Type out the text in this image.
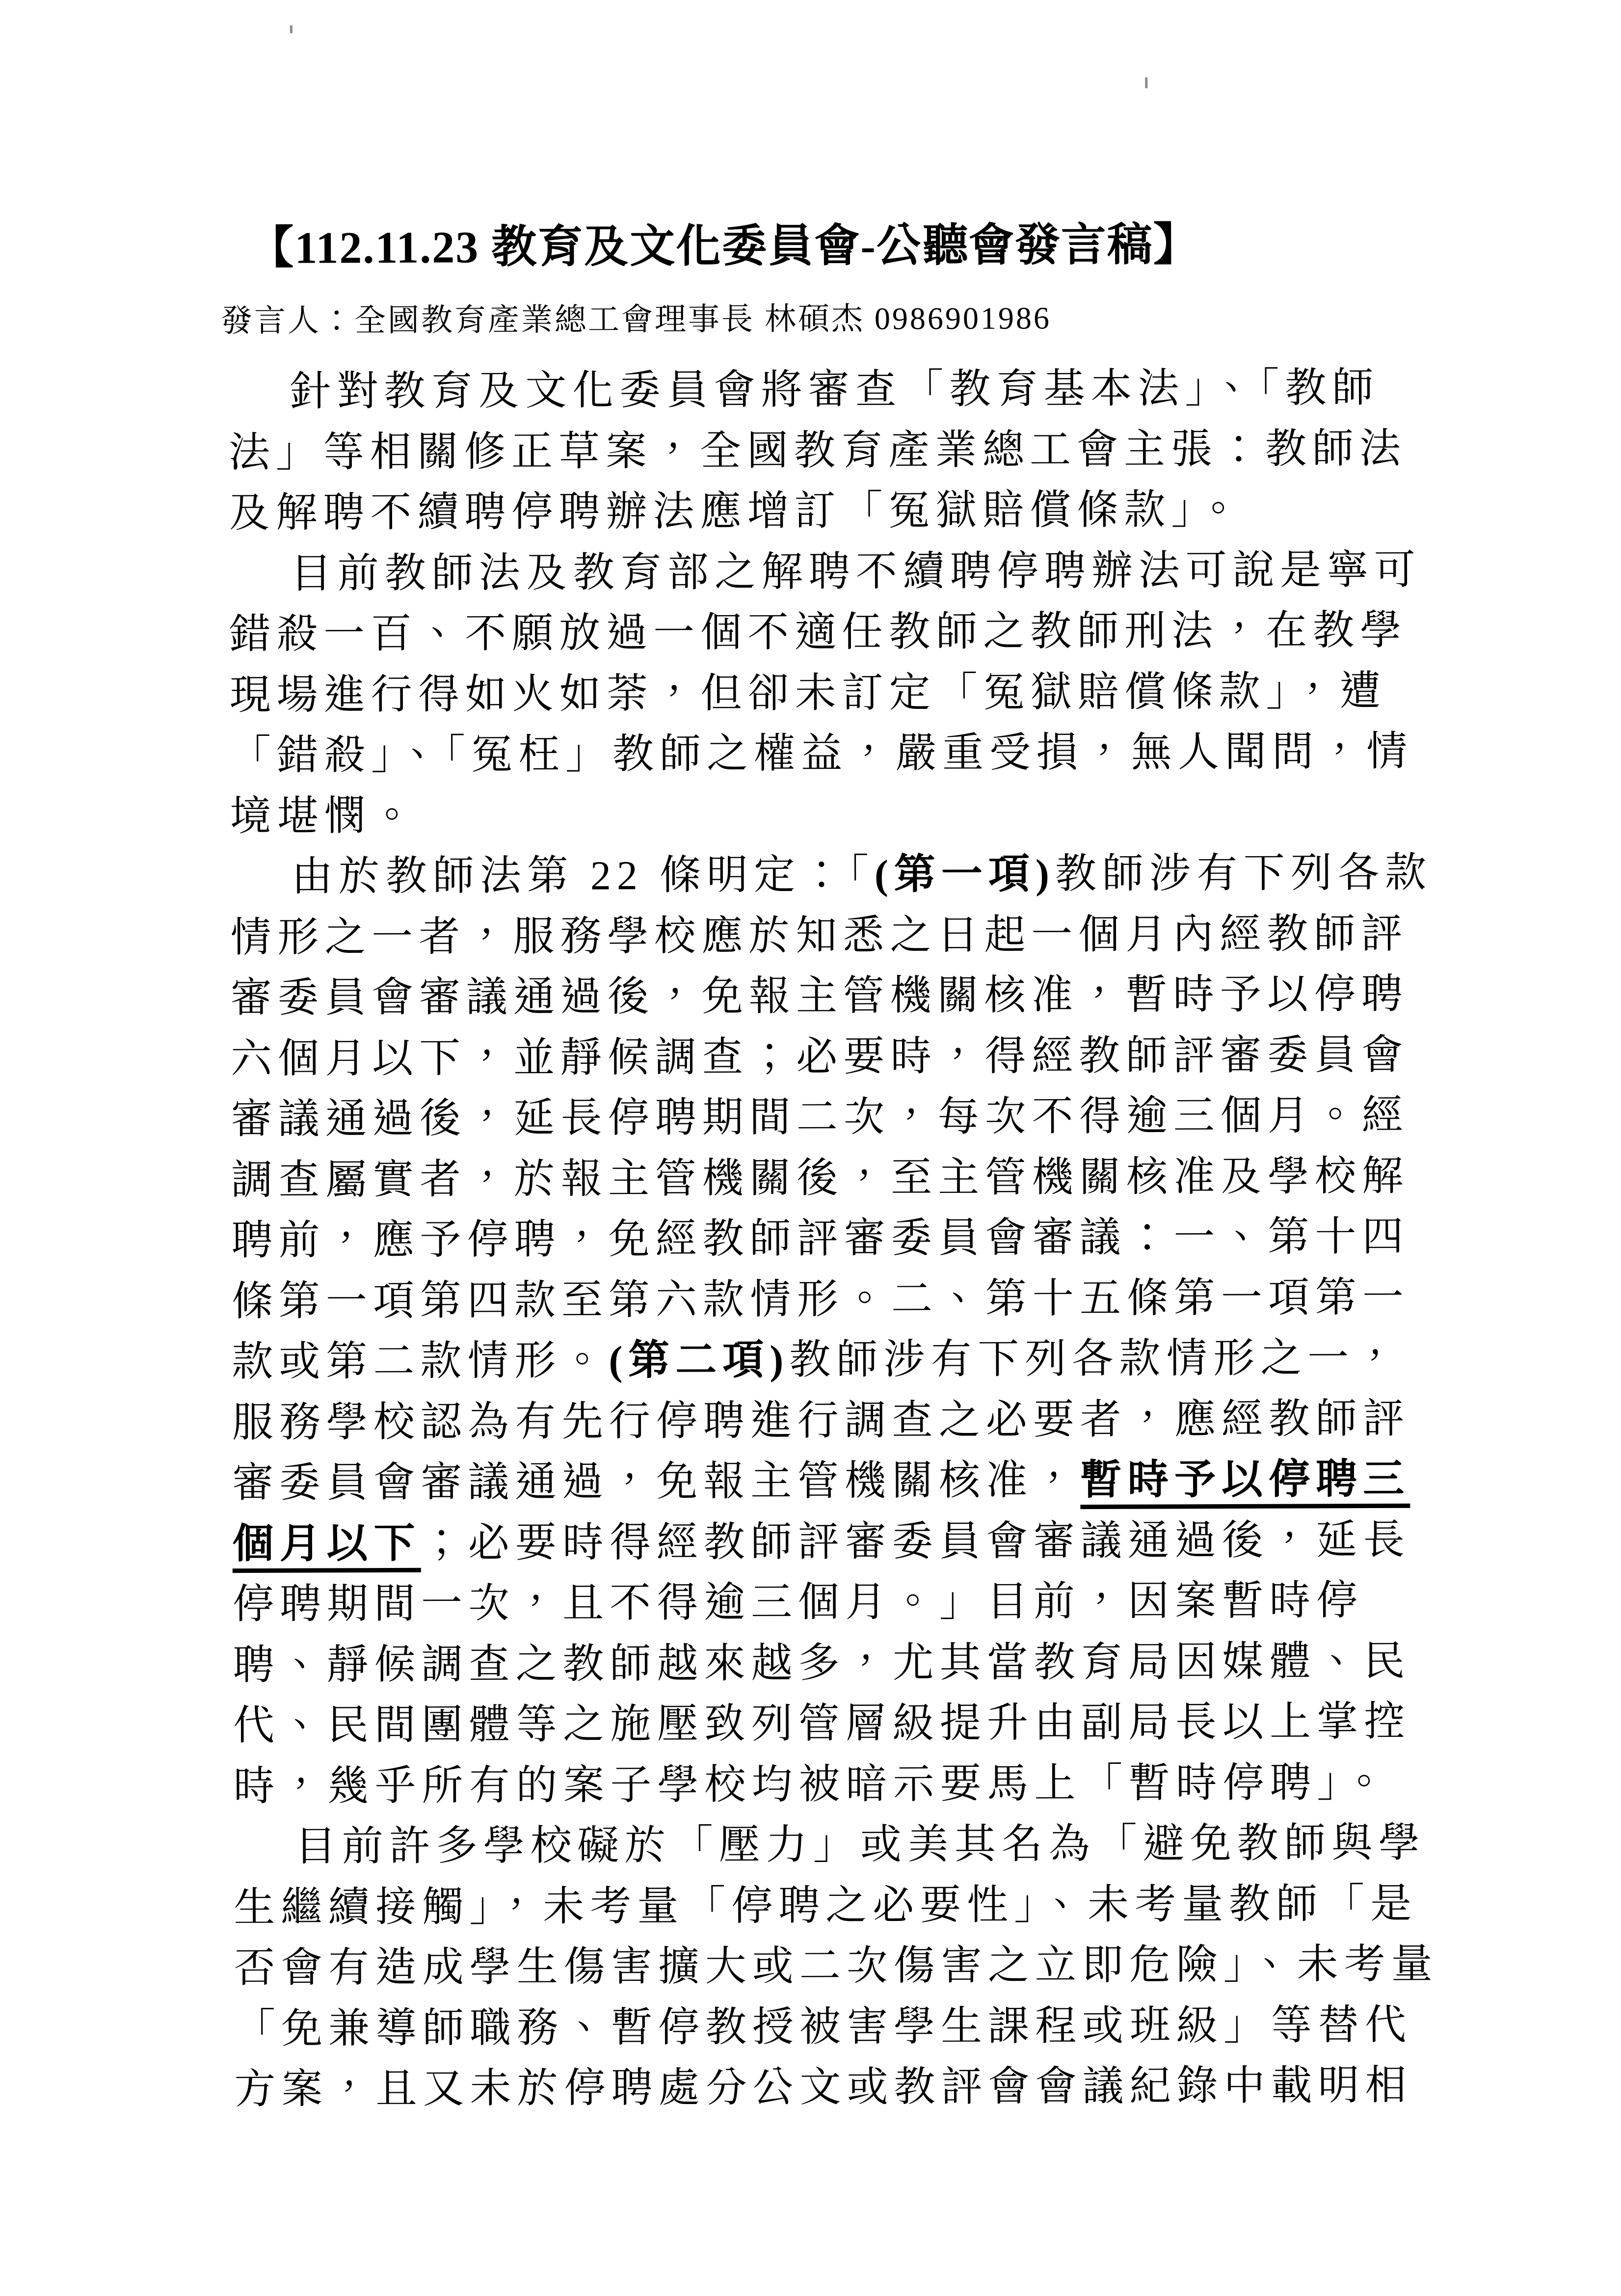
【112.11.23 教育及文化委員會-公聽會發言稿】
發言人：全國教育產業總工會理事長 林碩杰 0986901986
針對教育及文化委員會將審查「教育基本法」、「教師
法」等相關修正草案，全國教育產業總工會主張：教師法
及解聘不續聘停聘辦法應增訂「冤獄賠償條款」。
目前教師法及教育部之解聘不續聘停聘辦法可說是寧可
錯殺一百、不願放過一個不適任教師之教師刑法，在教學
現場進行得如火如荼，但卻未訂定「冤獄賠償條款」，遭
「錯殺」、「冤枉」教師之權益，嚴重受損，無人聞問，情
境堪憫。
由於教師法第 22 條明定：「(第一項)教師涉有下列各款
情形之一者，服務學校應於知悉之日起一個月內經教師評
審委員會審議通過後，免報主管機關核准，暫時予以停聘
六個月以下，並靜候調查；必要時，得經教師評審委員會
審議通過後，延長停聘期間二次，每次不得逾三個月。經
調查屬實者，於報主管機關後，至主管機關核准及學校解
聘前，應予停聘，免經教師評審委員會審議：一、第十四
條第一項第四款至第六款情形。二、第十五條第一項第一
款或第二款情形。(第二項)教師涉有下列各款情形之一，
服務學校認為有先行停聘進行調查之必要者，應經教師評
審委員會審議通過，免報主管機關核准，暫時予以停聘三
個月以下；必要時得經教師評審委員會審議通過後，延長
停聘期間一次，且不得逾三個月。」目前，因案暫時停
聘、靜候調查之教師越來越多，尤其當教育局因媒體、民
代、民間團體等之施壓致列管層級提升由副局長以上掌控
時，幾乎所有的案子學校均被暗示要馬上「暫時停聘」。
目前許多學校礙於「壓力」或美其名為「避免教師與學
生繼續接觸」，未考量「停聘之必要性」、未考量教師「是
否會有造成學生傷害擴大或二次傷害之立即危險」、未考量
「免兼導師職務、暫停教授被害學生課程或班級」等替代
方案，且又未於停聘處分公文或教評會會議紀錄中載明相
